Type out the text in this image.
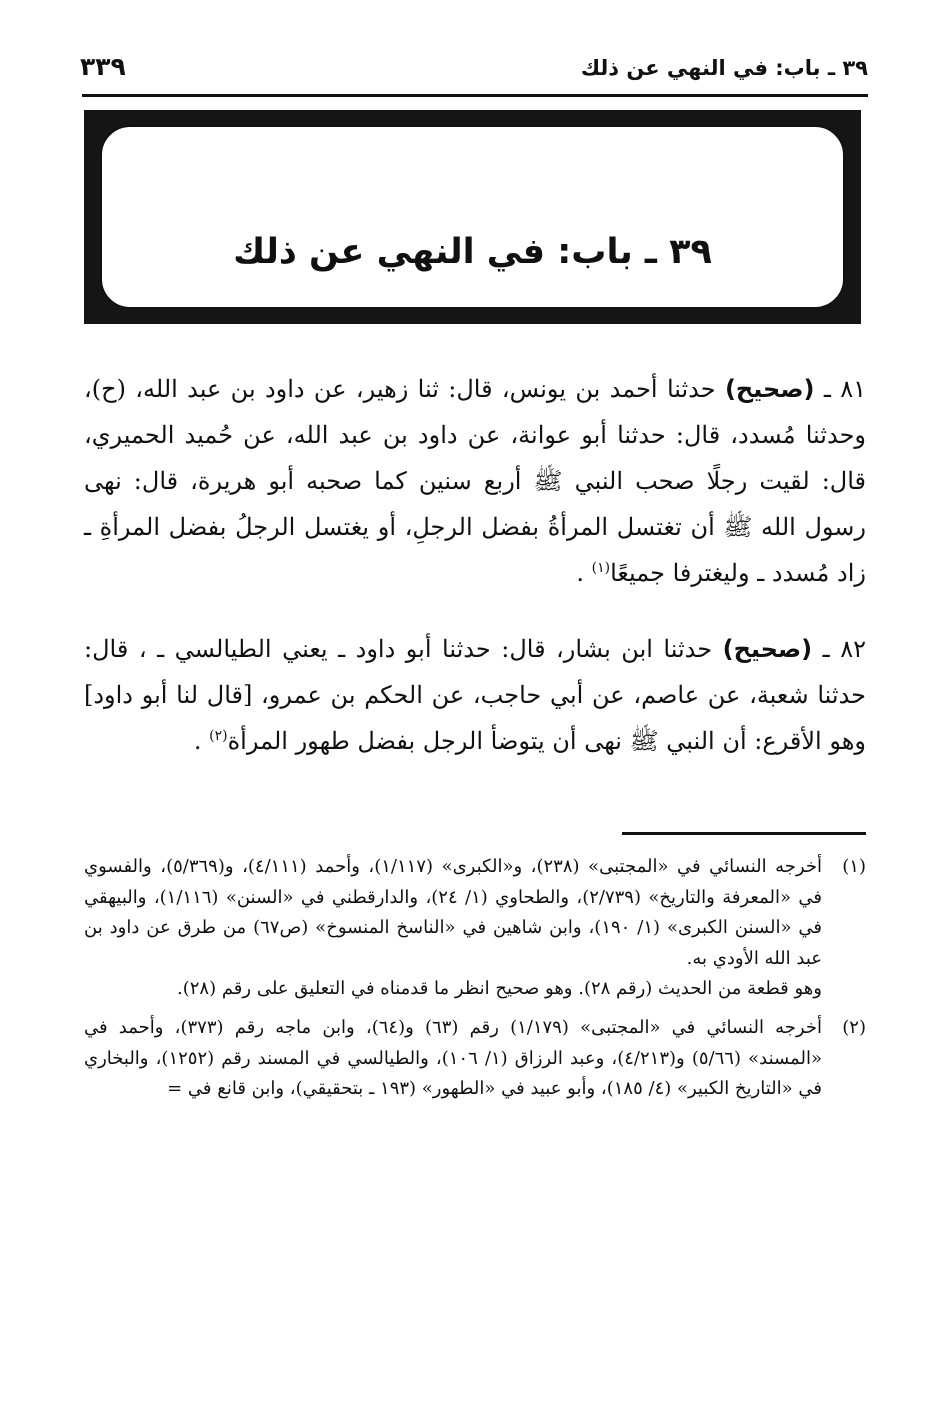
٣٩ ـ باب: في النهي عن ذلك
٣٣٩
٣٩ ـ باب: في النهي عن ذلك

٨١ ـ (صحيح) حدثنا أحمد بن يونس، قال: ثنا زهير، عن داود بن عبد الله، (ح)، وحدثنا مُسدد، قال: حدثنا أبو عوانة، عن داود بن عبد الله، عن حُميد الحميري، قال: لقيت رجلًا صحب النبي ﷺ أربع سنين كما صحبه أبو هريرة، قال: نهى رسول الله ﷺ أن تغتسل المرأةُ بفضل الرجلِ، أو يغتسل الرجلُ بفضل المرأةِ ـ زاد مُسدد ـ وليغترفا جميعًا$^{(١)}$ .

٨٢ ـ (صحيح) حدثنا ابن بشار، قال: حدثنا أبو داود ـ يعني الطيالسي ـ ، قال: حدثنا شعبة، عن عاصم، عن أبي حاجب، عن الحكم بن عمرو، [قال لنا أبو داود] وهو الأقرع: أن النبي ﷺ نهى أن يتوضأ الرجل بفضل طهور المرأة$^{(٢)}$ .

(١)
أخرجه النسائي في «المجتبى» (٢٣٨)، و«الكبرى» (١/١١٧)، وأحمد (٤/١١١)، و(٥/٣٦٩)، والفسوي في «المعرفة والتاريخ» (٢/٧٣٩)، والطحاوي (١/ ٢٤)، والدارقطني في «السنن» (١/١١٦)، والبيهقي في «السنن الكبرى» (١/ ١٩٠)، وابن شاهين في «الناسخ المنسوخ» (ص٦٧) من طرق عن داود بن عبد الله الأودي به.
وهو قطعة من الحديث (رقم ٢٨). وهو صحيح انظر ما قدمناه في التعليق على رقم (٢٨).
(٢)
أخرجه النسائي في «المجتبى» (١/١٧٩) رقم (٦٣) و(٦٤)، وابن ماجه رقم (٣٧٣)، وأحمد في «المسند» (٥/٦٦) و(٤/٢١٣)، وعبد الرزاق (١/ ١٠٦)، والطيالسي في المسند رقم (١٢٥٢)، والبخاري في «التاريخ الكبير» (٤/ ١٨٥)، وأبو عبيد في «الطهور» (١٩٣ ـ بتحقيقي)، وابن قانع في =
